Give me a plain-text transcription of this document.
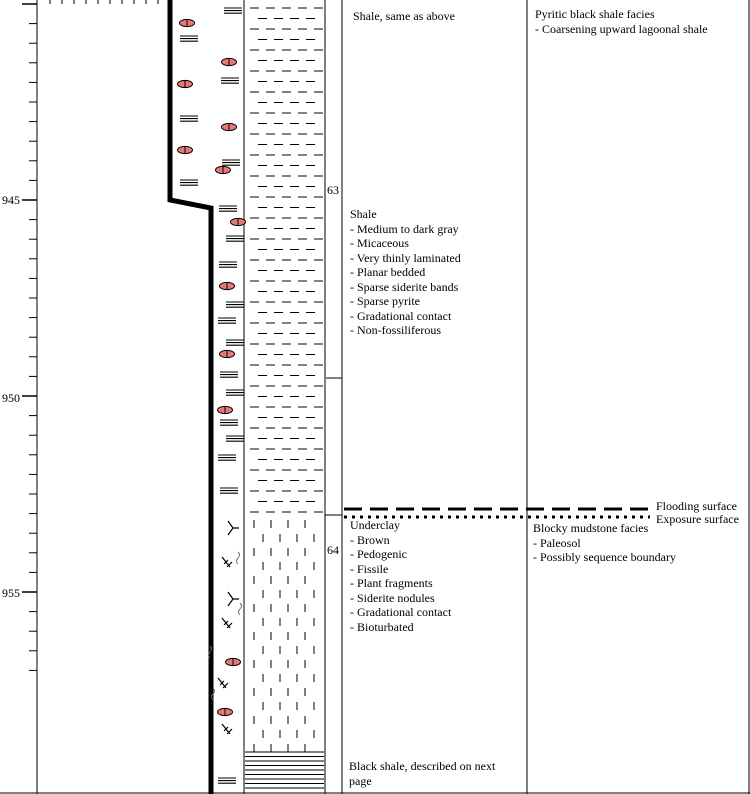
945
950
955
63
64
Shale, same as above
Shale
- Medium to dark gray
- Micaceous
- Very thinly laminated
- Planar bedded
- Sparse siderite bands
- Sparse pyrite
- Gradational contact
- Non-fossiliferous
Underclay
- Brown
- Pedogenic
- Fissile
- Plant fragments
- Siderite nodules
- Gradational contact
- Bioturbated
Black shale, described on next
page
Pyritic black shale facies
- Coarsening upward lagoonal shale
Blocky mudstone facies
- Paleosol
- Possibly sequence boundary
Flooding surface
Exposure surface
